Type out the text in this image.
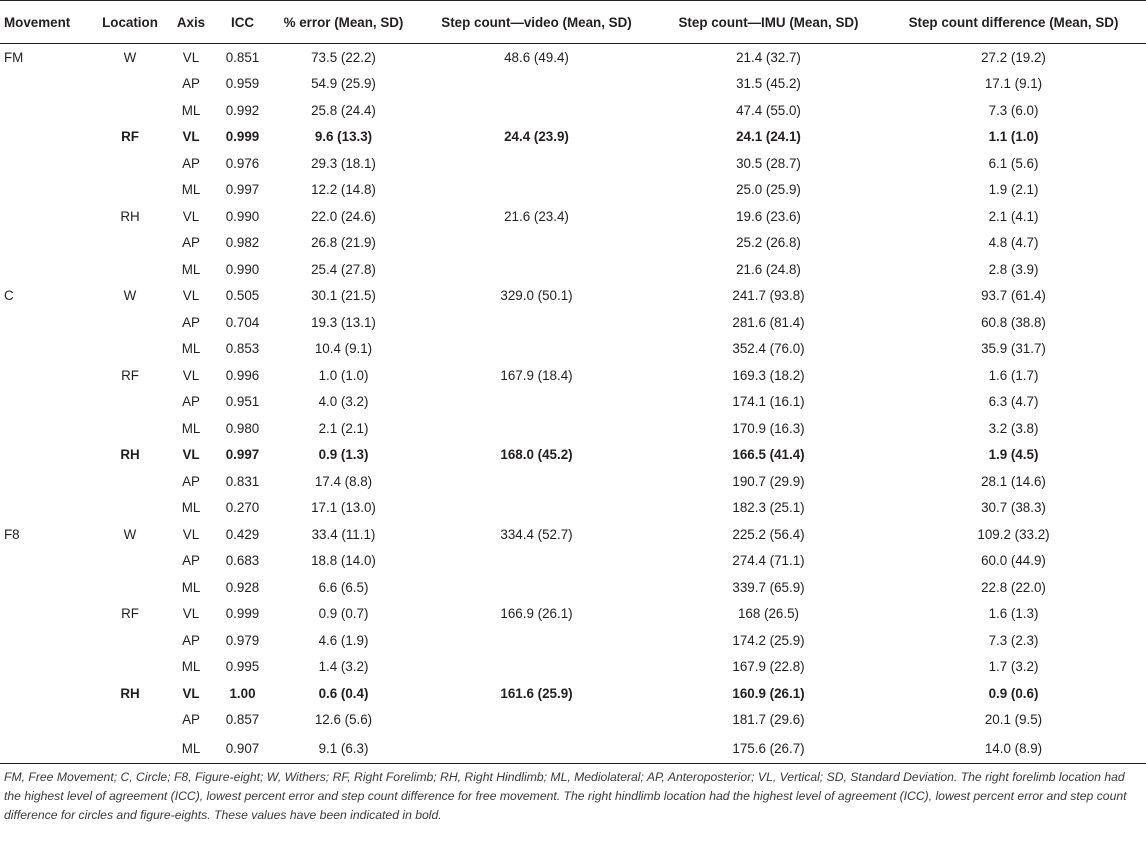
Movement	Location	Axis	ICC	% error (Mean, SD)	Step count—video (Mean, SD)	Step count—IMU (Mean, SD)	Step count difference (Mean, SD)
FM	W	VL	0.851	73.5 (22.2)	48.6 (49.4)	21.4 (32.7)	27.2 (19.2)
		AP	0.959	54.9 (25.9)		31.5 (45.2)	17.1 (9.1)
		ML	0.992	25.8 (24.4)		47.4 (55.0)	7.3 (6.0)
	RF	VL	0.999	9.6 (13.3)	24.4 (23.9)	24.1 (24.1)	1.1 (1.0)
		AP	0.976	29.3 (18.1)		30.5 (28.7)	6.1 (5.6)
		ML	0.997	12.2 (14.8)		25.0 (25.9)	1.9 (2.1)
	RH	VL	0.990	22.0 (24.6)	21.6 (23.4)	19.6 (23.6)	2.1 (4.1)
		AP	0.982	26.8 (21.9)		25.2 (26.8)	4.8 (4.7)
		ML	0.990	25.4 (27.8)		21.6 (24.8)	2.8 (3.9)
C	W	VL	0.505	30.1 (21.5)	329.0 (50.1)	241.7 (93.8)	93.7 (61.4)
		AP	0.704	19.3 (13.1)		281.6 (81.4)	60.8 (38.8)
		ML	0.853	10.4 (9.1)		352.4 (76.0)	35.9 (31.7)
	RF	VL	0.996	1.0 (1.0)	167.9 (18.4)	169.3 (18.2)	1.6 (1.7)
		AP	0.951	4.0 (3.2)		174.1 (16.1)	6.3 (4.7)
		ML	0.980	2.1 (2.1)		170.9 (16.3)	3.2 (3.8)
	RH	VL	0.997	0.9 (1.3)	168.0 (45.2)	166.5 (41.4)	1.9 (4.5)
		AP	0.831	17.4 (8.8)		190.7 (29.9)	28.1 (14.6)
		ML	0.270	17.1 (13.0)		182.3 (25.1)	30.7 (38.3)
F8	W	VL	0.429	33.4 (11.1)	334.4 (52.7)	225.2 (56.4)	109.2 (33.2)
		AP	0.683	18.8 (14.0)		274.4 (71.1)	60.0 (44.9)
		ML	0.928	6.6 (6.5)		339.7 (65.9)	22.8 (22.0)
	RF	VL	0.999	0.9 (0.7)	166.9 (26.1)	168 (26.5)	1.6 (1.3)
		AP	0.979	4.6 (1.9)		174.2 (25.9)	7.3 (2.3)
		ML	0.995	1.4 (3.2)		167.9 (22.8)	1.7 (3.2)
	RH	VL	1.00	0.6 (0.4)	161.6 (25.9)	160.9 (26.1)	0.9 (0.6)
		AP	0.857	12.6 (5.6)		181.7 (29.6)	20.1 (9.5)
		ML	0.907	9.1 (6.3)		175.6 (26.7)	14.0 (8.9)
FM, Free Movement; C, Circle; F8, Figure-eight; W, Withers; RF, Right Forelimb; RH, Right Hindlimb; ML, Mediolateral; AP, Anteroposterior; VL, Vertical; SD, Standard Deviation. The right forelimb location had the highest level of agreement (ICC), lowest percent error and step count difference for free movement. The right hindlimb location had the highest level of agreement (ICC), lowest percent error and step count difference for circles and figure-eights. These values have been indicated in bold.
